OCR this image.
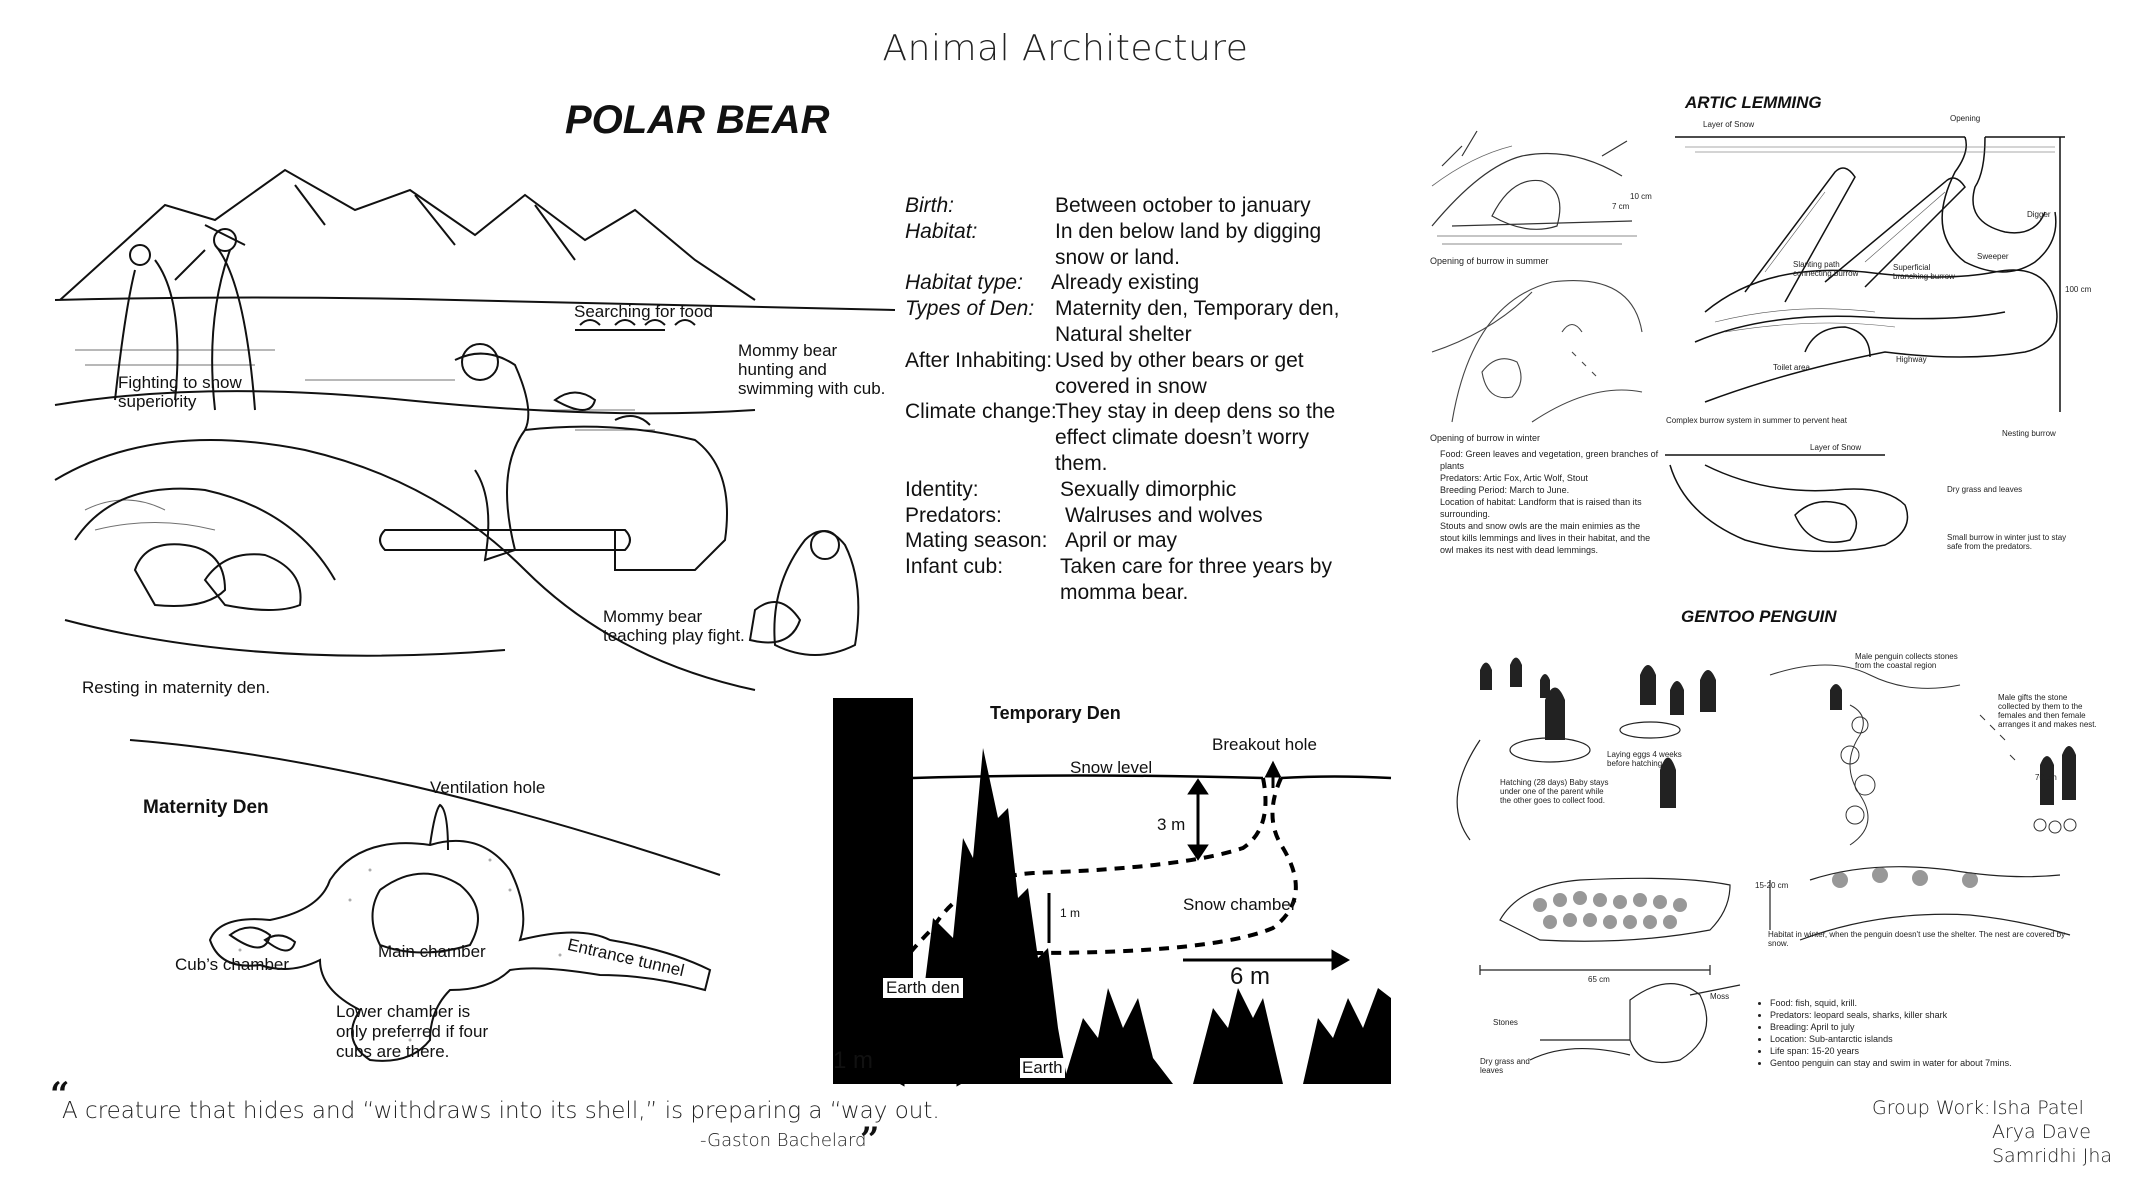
Animal Architecture
POLAR BEAR
Searching for food
Fighting to show superiority
Mommy bear hunting and swimming with cub.
Resting in maternity den.
Mommy bear teaching play fight.
Birth:	Between october to january
Habitat:	In den below land by digging snow or land.
Habitat type:	Already existing
Types of Den: Maternity den, Temporary den, Natural shelter
After Inhabiting: Used by other bears or get covered in snow
Climate change:
They stay in deep dens so the effect climate doesn’t worry them.
Identity:	Sexually dimorphic
Predators:	Walruses and wolves
Mating season: April or may
Infant cub:	Taken care for three years by momma bear.
Maternity Den
Ventilation hole
Main chamber	Entrance tunnel
Cub’s chamber
Lower chamber is only preferred if four cubs are there.
Temporary Den
Breakout hole
Snow level
3 m
Snow chamber
1 m
6 m
Earth den
Earth
1 m
ARTIC LEMMING
Opening of burrow in summer
Opening of burrow in winter
10 cm
7 cm
Layer of Snow
Opening
Digger
Sweeper
Slanting path connecting burrow
Superficial branching burrow
Toilet area
Highway
100 cm
Complex burrow system in summer to pervent heat
Nesting burrow
Layer of Snow
Dry grass and leaves
Small burrow in winter just to stay safe from the predators.
Food: Green leaves and vegetation, green branches of plants
Predators: Artic Fox, Artic Wolf, Stout
Breeding Period: March to June.
Location of habitat: Landform that is raised than its surrounding.
Stouts and snow owls are the main enimies as the stout kills lemmings and lives in their habitat, and the owl makes its nest with dead lemmings.
GENTOO PENGUIN
Male penguin collects stones from the coastal region
Male gifts the stone collected by them to the females and then female arranges it and makes nest.
Laying eggs 4 weeks before hatching
Hatching (28 days) Baby stays under one of the parent while the other goes to collect food.
70 cm
15-20 cm
Habitat in winter, when the penguin doesn't use the shelter. The nest are covered by snow.
65 cm
Moss
Stones
Dry grass and leaves
• Food: fish, squid, krill.
• Predators: leopard seals, sharks, killer shark
• Breading: April to july
• Location: Sub-antarctic islands
• Life span: 15-20 years
• Gentoo penguin can stay and swim in water for about 7mins.
“
A creature that hides and “withdraws into its shell,” is preparing a “way out.
”
-Gaston Bachelard
Group Work: Isha Patel
Arya Dave
Samridhi Jha
